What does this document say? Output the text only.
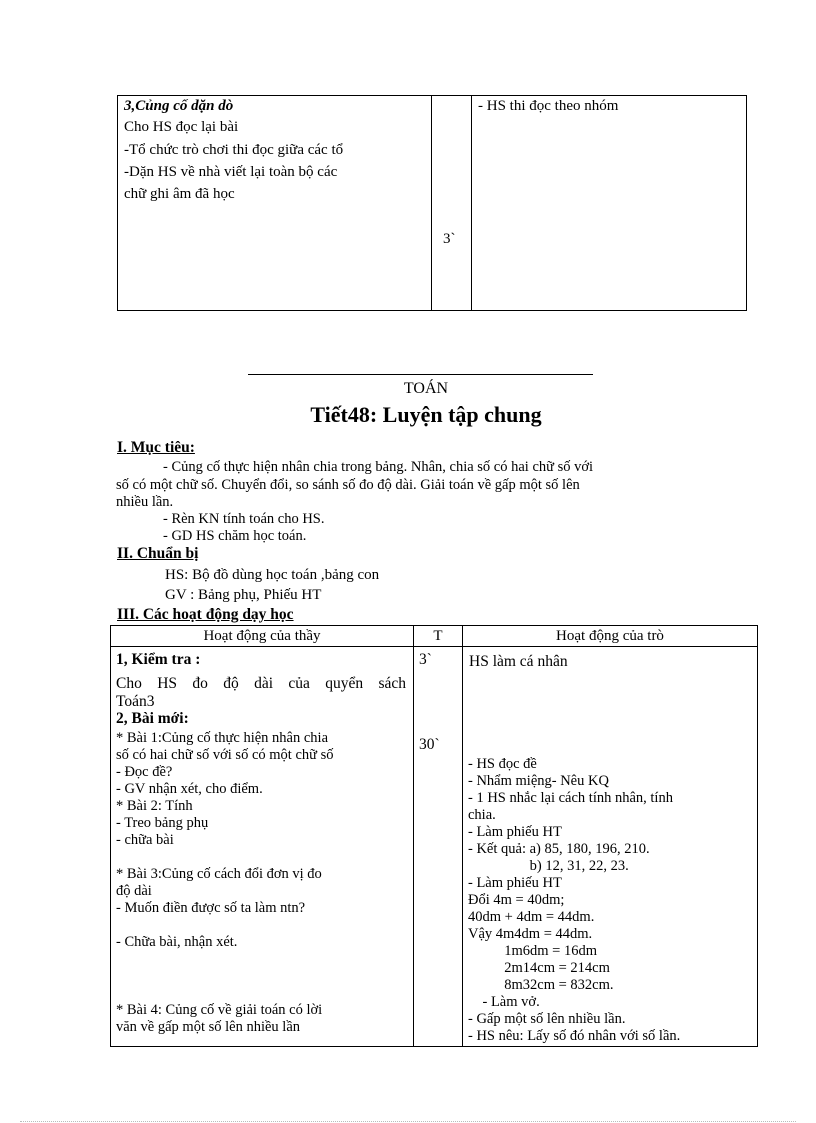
3,Củng cố dặn dò
Cho HS đọc lại bài
-Tổ chức trò chơi thi đọc giữa các tổ
-Dặn HS về nhà viết lại toàn bộ các
chữ ghi âm đã học
3`
- HS thi đọc theo nhóm
TOÁN
Tiết48: Luyện tập chung
I. Mục tiêu:
- Củng cố thực hiện nhân chia trong bảng. Nhân, chia số có hai chữ số với
số có một chữ số. Chuyển đổi, so sánh số đo độ dài. Giải toán về gấp một số lên
nhiều lần.
- Rèn KN tính toán cho HS.
- GD HS chăm học toán.
II. Chuẩn bị
HS: Bộ đồ dùng học toán ,bảng con
GV : Bảng phụ, Phiếu HT
III. Các hoạt động dạy học
Hoạt động của thầy	T	Hoạt động của trò
1, Kiểm tra :
Cho HS đo độ dài của quyển sách
Toán3
2, Bài mới:
* Bài 1:Củng cố thực hiện nhân chia
số có hai chữ số với số có một chữ số
- Đọc đề?
- GV nhận xét, cho điểm.
* Bài 2: Tính
- Treo bảng phụ
- chữa bài
* Bài 3:Củng cố cách đổi đơn vị đo
độ dài
- Muốn điền được số ta làm ntn?
- Chữa bài, nhận xét.
* Bài 4: Củng cố về giải toán có lời
văn về gấp một số lên nhiều lần
3`
30`
HS làm cá nhân
- HS đọc đề
- Nhẩm miệng- Nêu KQ
- 1 HS nhắc lại cách tính nhân, tính
chia.
- Làm phiếu HT
- Kết quả: a) 85, 180, 196, 210.
b) 12, 31, 22, 23.
- Làm phiếu HT
Đổi 4m = 40dm;
40dm + 4dm = 44dm.
Vậy 4m4dm = 44dm.
1m6dm = 16dm
2m14cm = 214cm
8m32cm = 832cm.
- Làm vở.
- Gấp một số lên nhiều lần.
- HS nêu: Lấy số đó nhân với số lần.
